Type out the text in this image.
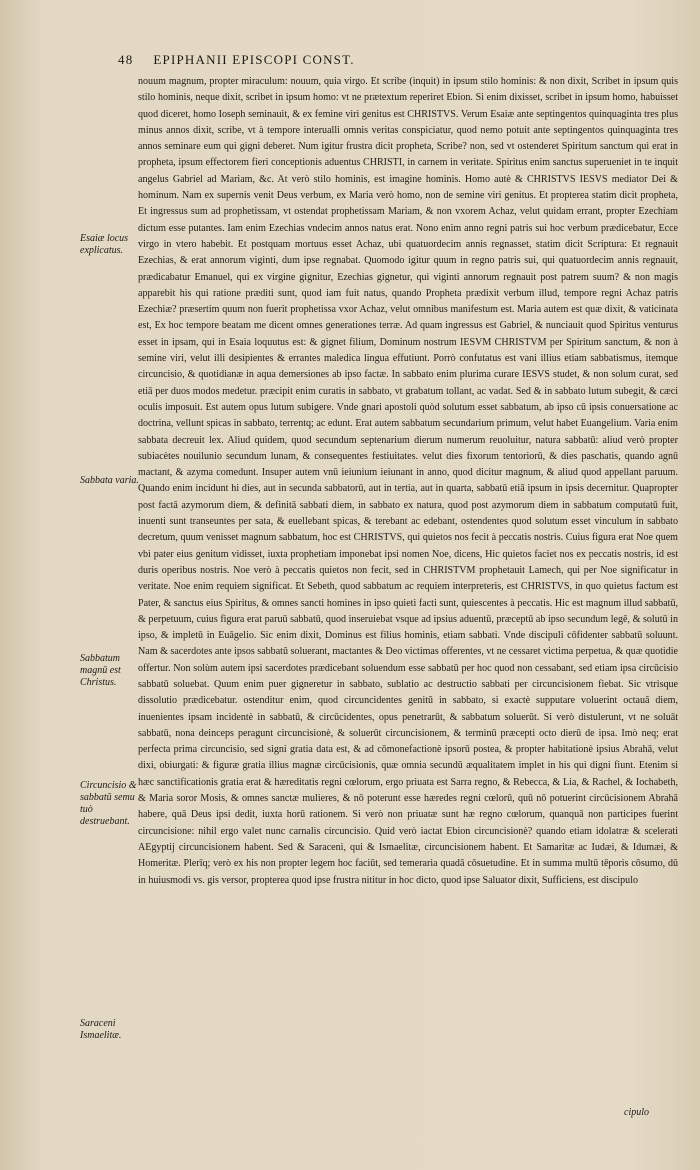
48 EPIPHANII EPISCOPI CONST.

nouum magnum, propter miraculum: nouum, quia virgo. Et scribe (inquit) in ipsum stilo hominis: & non dixit, Scribet in ipsum quis stilo hominis, neque dixit, scribet in ipsum homo: vt ne prætextum reperiret Ebion. Si enim dixisset, scribet in ipsum homo, habuisset quod diceret, homo Ioseph seminauit, & ex femine viri genitus est CHRISTVS. Verum Esaiæ ante septingentos quinquaginta tres plus minus annos dixit, scribe, vt à tempore interualli omnis veritas conspiciatur, quod nemo potuit ante septingentos quinquaginta tres annos seminare eum qui gigni deberet. Num igitur frustra dicit propheta, Scribe? non, sed vt ostenderet Spiritum sanctum qui erat in propheta, ipsum effectorem fieri conceptionis aduentus CHRISTI, in carnem in veritate. Spiritus enim sanctus superueniet in te inquit angelus Gabriel ad Mariam, &c. At verò stilo hominis, est imagine hominis. Homo autè & CHRISTVS IESVS mediator Dei & hominum. Nam ex supernis venit Deus verbum, ex Maria verò homo, non de semine viri genitus. Et propterea statim dicit propheta, Et ingressus sum ad prophetissam, vt ostendat prophetissam Mariam, & non vxorem Achaz, velut quidam errant, propter Ezechiam dictum esse putantes. Iam enim Ezechias vndecim annos natus erat. Nono enim anno regni patris sui hoc verbum prædicebatur, Ecce virgo in vtero habebit. Et postquam mortuus esset Achaz, ubi quatuordecim annis regnasset, statim dicit Scriptura: Et regnauit Ezechias, & erat annorum viginti, dum ipse regnabat. Quomodo igitur quum in regno patris sui, qui quatuordecim annis regnauit, prædicabatur Emanuel, qui ex virgine gignitur, Ezechias gignetur, qui viginti annorum regnauit post patrem suum? & non magis apparebit his qui ratione præditi sunt, quod iam fuit natus, quando Propheta prædixit verbum illud, tempore regni Achaz patris Ezechiæ? præsertim quum non fuerit prophetissa vxor Achaz, velut omnibus manifestum est. Maria autem est quæ dixit, & vaticinata est, Ex hoc tempore beatam me dicent omnes generationes terræ. Ad quam ingressus est Gabriel, & nunciauit quod Spiritus venturus esset in ipsam, qui in Esaia loquutus est: & gignet filium, Dominum nostrum IESVM CHRISTVM per Spiritum sanctum, & non à semine viri, velut illi desipientes & errantes maledica lingua effutiunt. Porrò confutatus est vani illius etiam sabbatismus, itemque circuncisio, & quotidianæ in aqua demersiones ab ipso factæ. In sabbato enim plurima curare IESVS studet, & non solum curat, sed etiā per duos modos medetur. præcipit enim curatis in sabbato, vt grabatum tollant, ac vadat. Sed & in sabbato lutum subegit, & cæci oculis imposuit. Est autem opus lutum subigere. Vnde gnari apostoli quòd solutum esset sabbatum, ab ipso cū ipsis conuersatione ac doctrina, vellunt spicas in sabbato, terrentq; ac edunt. Erat autem sabbatum secundarium primum, velut habet Euangelium. Varia enim sabbata decreuit lex. Aliud quidem, quod secundum septenarium dierum numerum reuoluitur, natura sabbatū: aliud verò propter subiacètes nouilunio secundum lunam, & consequentes festiuitates. velut dies fixorum tentoriorū, & dies paschatis, quando agnū mactant, & azyma comedunt. Insuper autem vnū ieiunium ieiunant in anno, quod dicitur magnum, & aliud quod appellant paruum. Quando enim incidunt hi dies, aut in secunda sabbatorū, aut in tertia, aut in quarta, sabbatū etiā ipsum in ipsis decernitur. Quapropter post factā azymorum diem, & definitā sabbati diem, in sabbato ex natura, quod post azymorum diem in sabbatum computatū fuit, inuenti sunt transeuntes per sata, & euellebant spicas, & terebant ac edebant, ostendentes quod solutum esset vinculum in sabbato decretum, quum venisset magnum sabbatum, hoc est CHRISTVS, qui quietos nos fecit à peccatis nostris. Cuius figura erat Noe quem vbi pater eius genitum vidisset, iuxta prophetiam imponebat ipsi nomen Noe, dicens, Hic quietos faciet nos ex peccatis nostris, id est duris operibus nostris. Noe verò à peccatis quietos non fecit, sed in CHRISTVM prophetauit Lamech, qui per Noe significatur in veritate. Noe enim requiem significat. Et Sebeth, quod sabbatum ac requiem interpreteris, est CHRISTVS, in quo quietus factum est Pater, & sanctus eius Spiritus, & omnes sancti homines in ipso quieti facti sunt, quiescentes à peccatis. Hic est magnum illud sabbatū, & perpetuum, cuius figura erat paruū sabbatū, quod inseruiebat vsque ad ipsius aduentū, præceptū ab ipso secundum legē, & solutū in ipso, & impletū in Euāgelio. Sic enim dixit, Dominus est filius hominis, etiam sabbati. Vnde discipuli cōfidenter sabbatū soluunt. Nam & sacerdotes ante ipsos sabbatū soluerant, mactantes & Deo victimas offerentes, vt ne cessaret victima perpetua, & quæ quotidie offertur. Non solùm autem ipsi sacerdotes prædicebant soluendum esse sabbatū per hoc quod non cessabant, sed etiam ipsa circūcisio sabbatū soluebat. Quum enim puer gigneretur in sabbato, sublatio ac destructio sabbati per circuncisionem fiebat. Sic vtrisque dissolutio prædicebatur. ostenditur enim, quod circuncidentes genitū in sabbato, si exactè supputare voluerint octauā diem, inuenientes ipsam incidentè in sabbatū, & circūcidentes, opus penetrarūt, & sabbatum soluerūt. Si verò distulerunt, vt ne soluāt sabbatū, nona deinceps peragunt circuncisionè, & soluerūt circuncisionem, & terminū præcepti octo dierū de ipsa. Imò neq; erat perfecta prima circuncisio, sed signi gratia data est, & ad cōmonefactionè ipsorū postea, & propter habitationè ipsius Abrahā, velut dixi, obiurgati: & figuræ gratia illius magnæ circūcisionis, quæ omnia secundū æqualitatem implet in his qui digni fiunt. Etenim si hæc sanctificationis gratia erat & hæreditatis regni cœlorum, ergo priuata est Sarra regno, & Rebecca, & Lia, & Rachel, & Iochabeth, & Maria soror Mosis, & omnes sanctæ mulieres, & nō poterunt esse hæredes regni cœlorū, quū nō potuerint circūcisionem Abrahā habere, quā Deus ipsi dedit, iuxta horū rationem. Si verò non priuatæ sunt hæ regno cœlorum, quanquā non participes fuerint circuncisione: nihil ergo valet nunc carnalis circuncisio. Quid verò iactat Ebion circuncisionè? quando etiam idolatræ & scelerati AEgyptij circuncisionem habent. Sed & Saraceni, qui & Ismaelitæ, circuncisionem habent. Et Samaritæ ac Iudæi, & Idumæi, & Homeritæ. Plerīq; verò ex his non propter legem hoc faciūt, sed temeraria quadā cōsuetudine. Et in summa multū tēporis cōsumo, dū in huiusmodi vs. gis versor, propterea quod ipse frustra nititur in hoc dicto, quod ipse Saluator dixit, Sufficiens, est discipulo

Esaiæ locus explicatus.
Sabbata varia.
Sabbatum magnū est Christus.
Circuncisio & sabbatū semu tuò destruebant.
Saraceni Ismaelitæ.
cipulo
